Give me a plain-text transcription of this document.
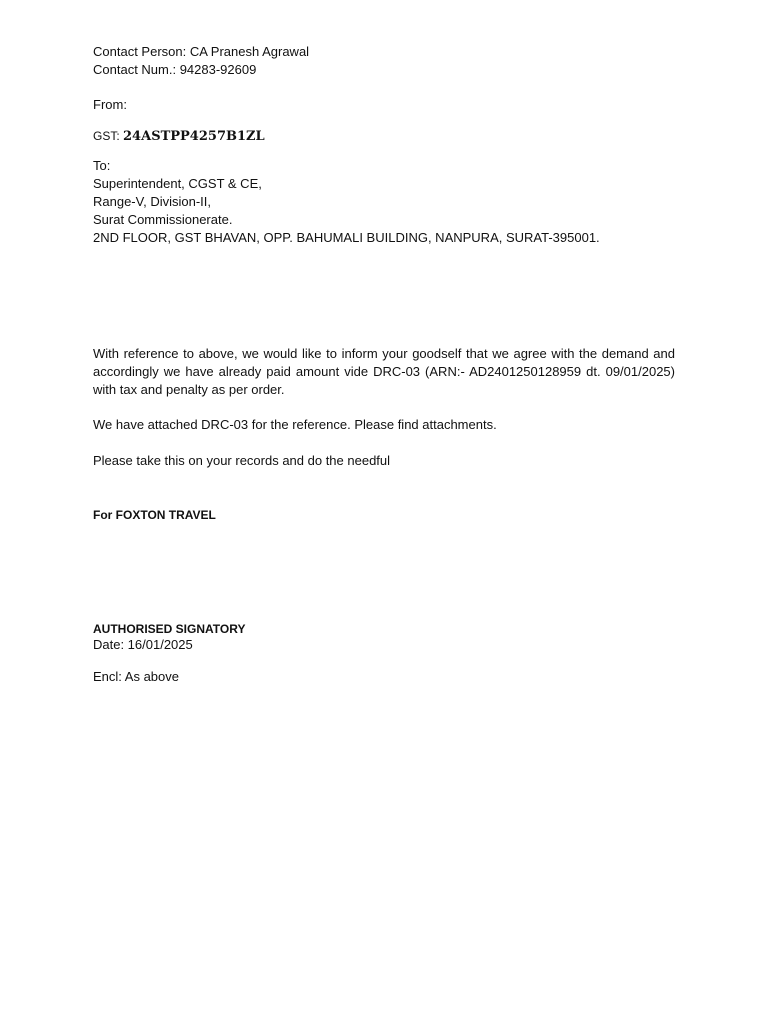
Contact Person: CA Pranesh Agrawal
Contact Num.: 94283-92609
From:
GST: 24ASTPP4257B1ZL
To:
Superintendent, CGST & CE,
Range-V, Division-II,
Surat Commissionerate.
2ND FLOOR, GST BHAVAN, OPP. BAHUMALI BUILDING, NANPURA, SURAT-395001.
With reference to above, we would like to inform your goodself that we agree with the demand and accordingly we have already paid amount vide DRC-03 (ARN:- AD2401250128959 dt. 09/01/2025) with tax and penalty as per order.
We have attached DRC-03 for the reference. Please find attachments.
Please take this on your records and do the needful
For FOXTON TRAVEL
AUTHORISED SIGNATORY
Date: 16/01/2025
Encl: As above
